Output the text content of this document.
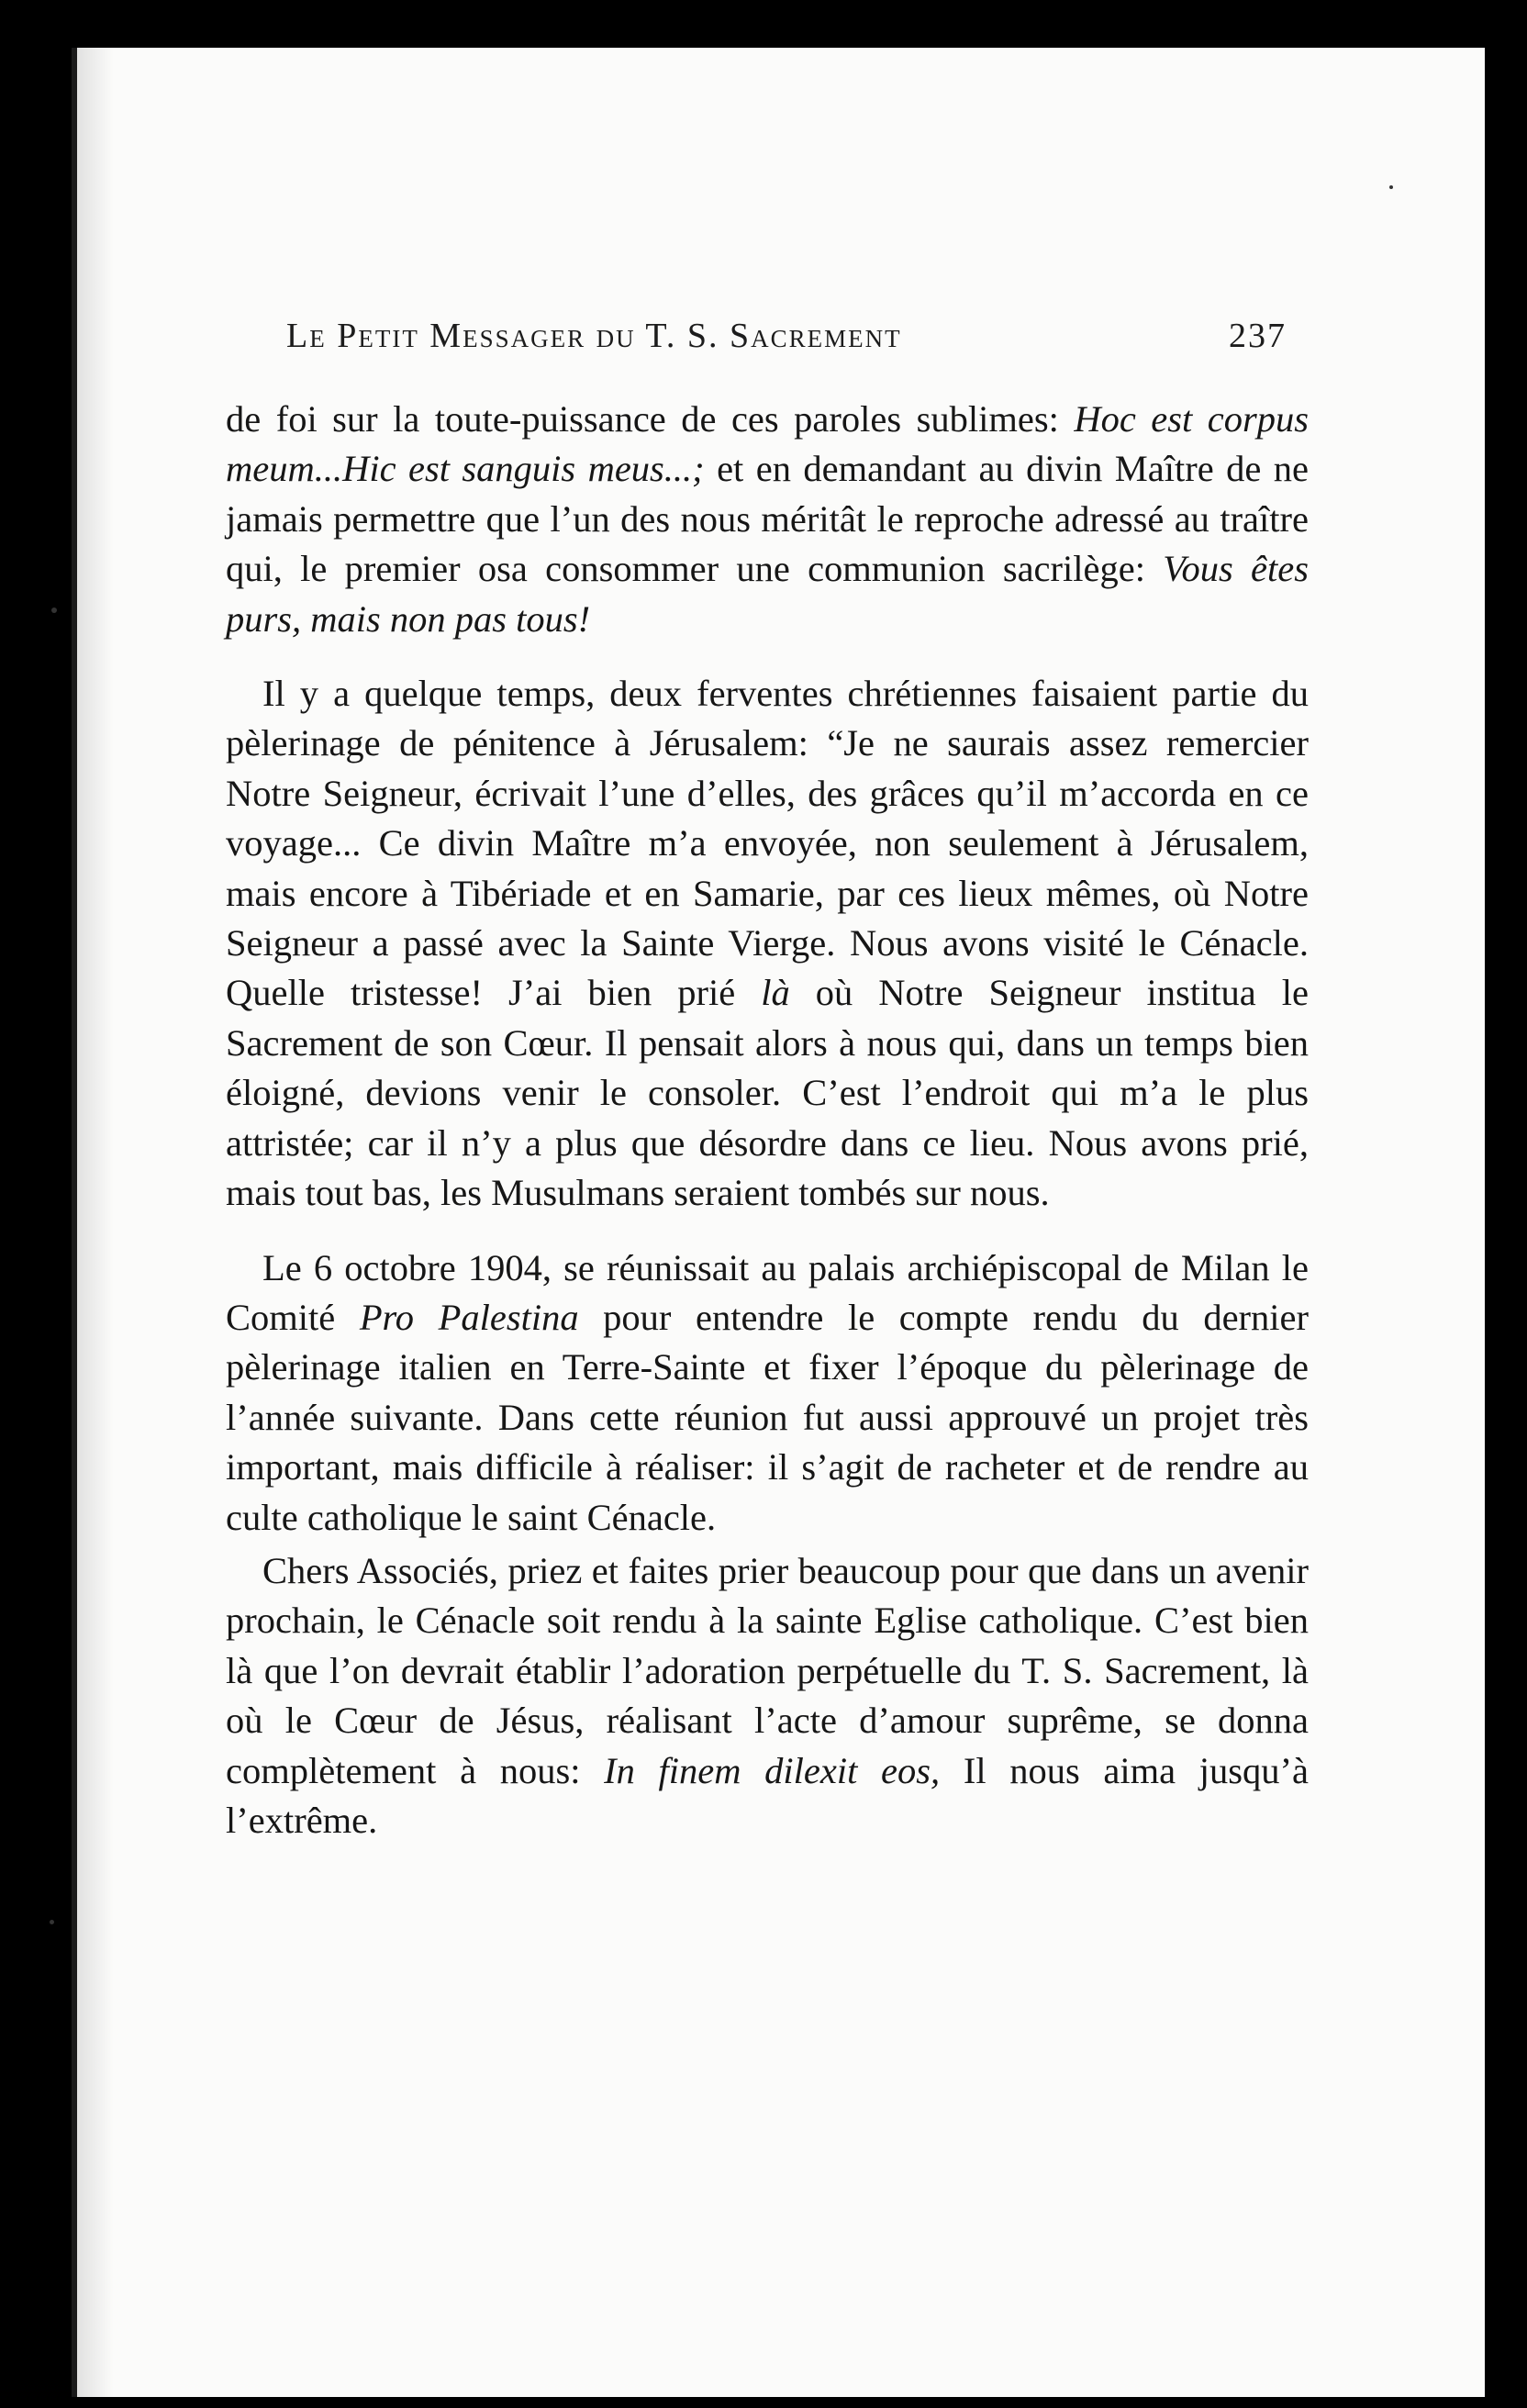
Le Petit Messager du T. S. Sacrement	237

de foi sur la toute-puissance de ces paroles sublimes: Hoc est corpus meum...Hic est sanguis meus...; et en demandant au divin Maître de ne jamais permettre que l’un des nous méritât le reproche adressé au traître qui, le premier osa consommer une communion sacrilège: Vous êtes purs, mais non pas tous!

Il y a quelque temps, deux ferventes chrétiennes faisaient partie du pèlerinage de pénitence à Jérusalem: “Je ne saurais assez remercier Notre Seigneur, écrivait l’une d’elles, des grâces qu’il m’accorda en ce voyage... Ce divin Maître m’a envoyée, non seulement à Jérusalem, mais encore à Tibériade et en Samarie, par ces lieux mêmes, où Notre Seigneur a passé avec la Sainte Vierge. Nous avons visité le Cénacle. Quelle tristesse! J’ai bien prié là où Notre Seigneur institua le Sacrement de son Cœur. Il pensait alors à nous qui, dans un temps bien éloigné, devions venir le consoler. C’est l’endroit qui m’a le plus attristée; car il n’y a plus que désordre dans ce lieu. Nous avons prié, mais tout bas, les Musulmans seraient tombés sur nous.

Le 6 octobre 1904, se réunissait au palais archiépiscopal de Milan le Comité Pro Palestina pour entendre le compte rendu du dernier pèlerinage italien en Terre-Sainte et fixer l’époque du pèlerinage de l’année suivante. Dans cette réunion fut aussi approuvé un projet très important, mais difficile à réaliser: il s’agit de racheter et de rendre au culte catholique le saint Cénacle.

Chers Associés, priez et faites prier beaucoup pour que dans un avenir prochain, le Cénacle soit rendu à la sainte Eglise catholique. C’est bien là que l’on devrait établir l’adoration perpétuelle du T. S. Sacrement, là où le Cœur de Jésus, réalisant l’acte d’amour suprême, se donna complètement à nous: In finem dilexit eos, Il nous aima jusqu’à l’extrême.
